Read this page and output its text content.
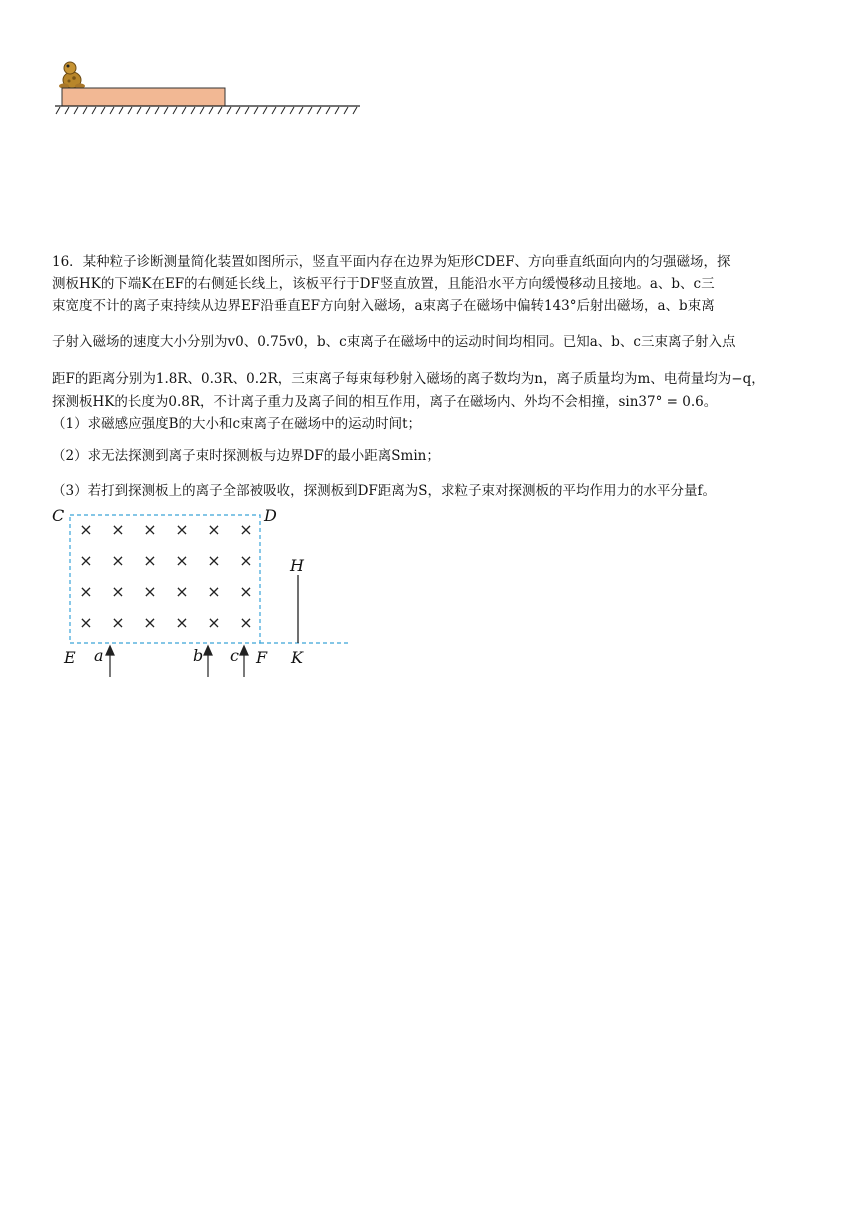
16．某种粒子诊断测量简化装置如图所示，竖直平面内存在边界为矩形CDEF、方向垂直纸面向内的匀强磁场，探
测板HK的下端K在EF的右侧延长线上，该板平行于DF竖直放置，且能沿水平方向缓慢移动且接地。a、b、c三
束宽度不计的离子束持续从边界EF沿垂直EF方向射入磁场，a束离子在磁场中偏转143°后射出磁场，a、b束离
子射入磁场的速度大小分别为v0、0.75v0，b、c束离子在磁场中的运动时间均相同。已知a、b、c三束离子射入点
距F的距离分别为1.8R、0.3R、0.2R，三束离子每束每秒射入磁场的离子数均为n，离子质量均为m、电荷量均为−q，
探测板HK的长度为0.8R，不计离子重力及离子间的相互作用，离子在磁场内、外均不会相撞，sin37° = 0.6。
（1）求磁感应强度B的大小和c束离子在磁场中的运动时间t；
（2）求无法探测到离子束时探测板与边界DF的最小距离Smin；
（3）若打到探测板上的离子全部被吸收，探测板到DF距离为S，求粒子束对探测板的平均作用力的水平分量f。
× × × × × ×
× × × × × ×
× × × × × ×
× × × × × ×
C	D
E	F
H
K
a	b c
